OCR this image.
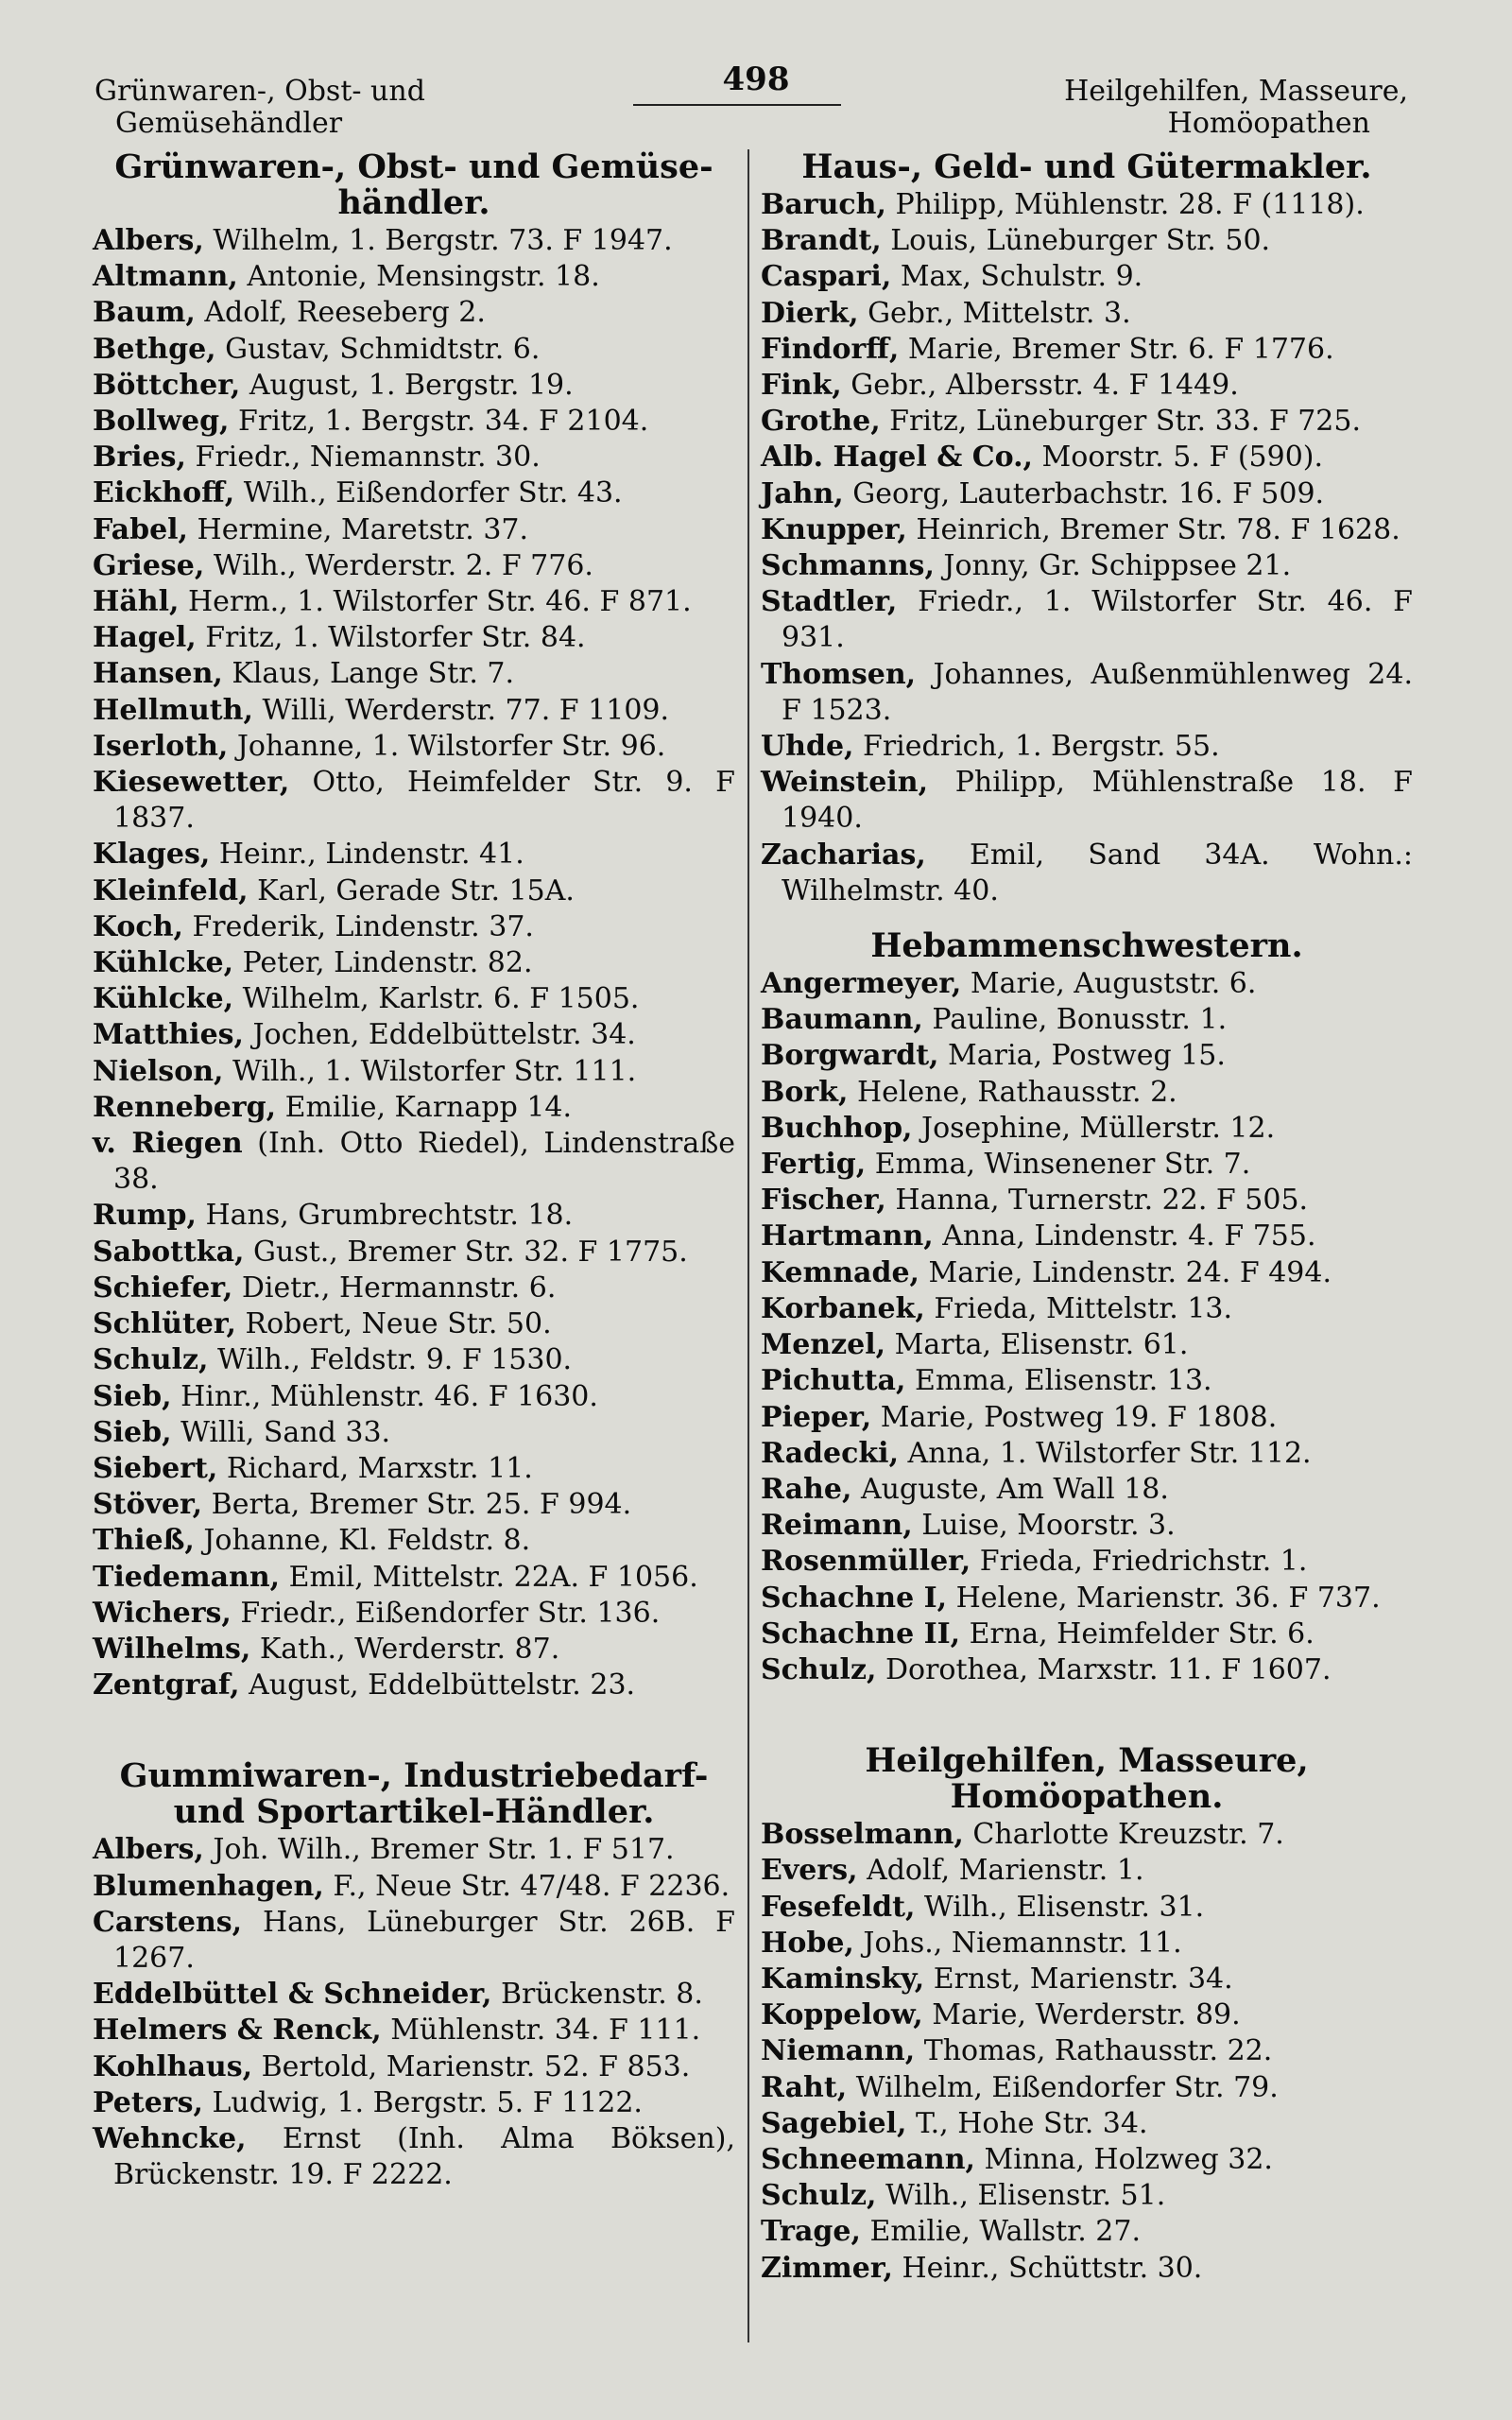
Grünwaren-, Obst- und
Gemüsehändler
498	Heilgehilfen, Masseure,
Homöopathen
Grünwaren-, Obst- und Gemüse-händler.
Albers, Wilhelm, 1. Bergstr. 73. F 1947.
Altmann, Antonie, Mensingstr. 18.
Baum, Adolf, Reeseberg 2.
Bethge, Gustav, Schmidtstr. 6.
Böttcher, August, 1. Bergstr. 19.
Bollweg, Fritz, 1. Bergstr. 34. F 2104.
Bries, Friedr., Niemannstr. 30.
Eickhoff, Wilh., Eißendorfer Str. 43.
Fabel, Hermine, Maretstr. 37.
Griese, Wilh., Werderstr. 2. F 776.
Hähl, Herm., 1. Wilstorfer Str. 46. F 871.
Hagel, Fritz, 1. Wilstorfer Str. 84.
Hansen, Klaus, Lange Str. 7.
Hellmuth, Willi, Werderstr. 77. F 1109.
Iserloth, Johanne, 1. Wilstorfer Str. 96.
Kiesewetter, Otto, Heimfelder Str. 9. F 1837.
Klages, Heinr., Lindenstr. 41.
Kleinfeld, Karl, Gerade Str. 15A.
Koch, Frederik, Lindenstr. 37.
Kühlcke, Peter, Lindenstr. 82.
Kühlcke, Wilhelm, Karlstr. 6. F 1505.
Matthies, Jochen, Eddelbüttelstr. 34.
Nielson, Wilh., 1. Wilstorfer Str. 111.
Renneberg, Emilie, Karnapp 14.
v. Riegen (Inh. Otto Riedel), Lindenstraße 38.
Rump, Hans, Grumbrechtstr. 18.
Sabottka, Gust., Bremer Str. 32. F 1775.
Schiefer, Dietr., Hermannstr. 6.
Schlüter, Robert, Neue Str. 50.
Schulz, Wilh., Feldstr. 9. F 1530.
Sieb, Hinr., Mühlenstr. 46. F 1630.
Sieb, Willi, Sand 33.
Siebert, Richard, Marxstr. 11.
Stöver, Berta, Bremer Str. 25. F 994.
Thieß, Johanne, Kl. Feldstr. 8.
Tiedemann, Emil, Mittelstr. 22A. F 1056.
Wichers, Friedr., Eißendorfer Str. 136.
Wilhelms, Kath., Werderstr. 87.
Zentgraf, August, Eddelbüttelstr. 23.
Gummiwaren-, Industriebedarf- und Sportartikel-Händler.
Albers, Joh. Wilh., Bremer Str. 1. F 517.
Blumenhagen, F., Neue Str. 47/48. F 2236.
Carstens, Hans, Lüneburger Str. 26B. F 1267.
Eddelbüttel & Schneider, Brückenstr. 8.
Helmers & Renck, Mühlenstr. 34. F 111.
Kohlhaus, Bertold, Marienstr. 52. F 853.
Peters, Ludwig, 1. Bergstr. 5. F 1122.
Wehncke, Ernst (Inh. Alma Böksen), Brückenstr. 19. F 2222.
Haus-, Geld- und Gütermakler.
Baruch, Philipp, Mühlenstr. 28. F (1118).
Brandt, Louis, Lüneburger Str. 50.
Caspari, Max, Schulstr. 9.
Dierk, Gebr., Mittelstr. 3.
Findorff, Marie, Bremer Str. 6. F 1776.
Fink, Gebr., Albersstr. 4. F 1449.
Grothe, Fritz, Lüneburger Str. 33. F 725.
Alb. Hagel & Co., Moorstr. 5. F (590).
Jahn, Georg, Lauterbachstr. 16. F 509.
Knupper, Heinrich, Bremer Str. 78. F 1628.
Schmanns, Jonny, Gr. Schippsee 21.
Stadtler, Friedr., 1. Wilstorfer Str. 46. F 931.
Thomsen, Johannes, Außenmühlenweg 24. F 1523.
Uhde, Friedrich, 1. Bergstr. 55.
Weinstein, Philipp, Mühlenstraße 18. F 1940.
Zacharias, Emil, Sand 34A. Wohn.: Wilhelmstr. 40.
Hebammenschwestern.
Angermeyer, Marie, Auguststr. 6.
Baumann, Pauline, Bonusstr. 1.
Borgwardt, Maria, Postweg 15.
Bork, Helene, Rathausstr. 2.
Buchhop, Josephine, Müllerstr. 12.
Fertig, Emma, Winsenener Str. 7.
Fischer, Hanna, Turnerstr. 22. F 505.
Hartmann, Anna, Lindenstr. 4. F 755.
Kemnade, Marie, Lindenstr. 24. F 494.
Korbanek, Frieda, Mittelstr. 13.
Menzel, Marta, Elisenstr. 61.
Pichutta, Emma, Elisenstr. 13.
Pieper, Marie, Postweg 19. F 1808.
Radecki, Anna, 1. Wilstorfer Str. 112.
Rahe, Auguste, Am Wall 18.
Reimann, Luise, Moorstr. 3.
Rosenmüller, Frieda, Friedrichstr. 1.
Schachne I, Helene, Marienstr. 36. F 737.
Schachne II, Erna, Heimfelder Str. 6.
Schulz, Dorothea, Marxstr. 11. F 1607.
Heilgehilfen, Masseure, Homöopathen.
Bosselmann, Charlotte Kreuzstr. 7.
Evers, Adolf, Marienstr. 1.
Fesefeldt, Wilh., Elisenstr. 31.
Hobe, Johs., Niemannstr. 11.
Kaminsky, Ernst, Marienstr. 34.
Koppelow, Marie, Werderstr. 89.
Niemann, Thomas, Rathausstr. 22.
Raht, Wilhelm, Eißendorfer Str. 79.
Sagebiel, T., Hohe Str. 34.
Schneemann, Minna, Holzweg 32.
Schulz, Wilh., Elisenstr. 51.
Trage, Emilie, Wallstr. 27.
Zimmer, Heinr., Schüttstr. 30.
